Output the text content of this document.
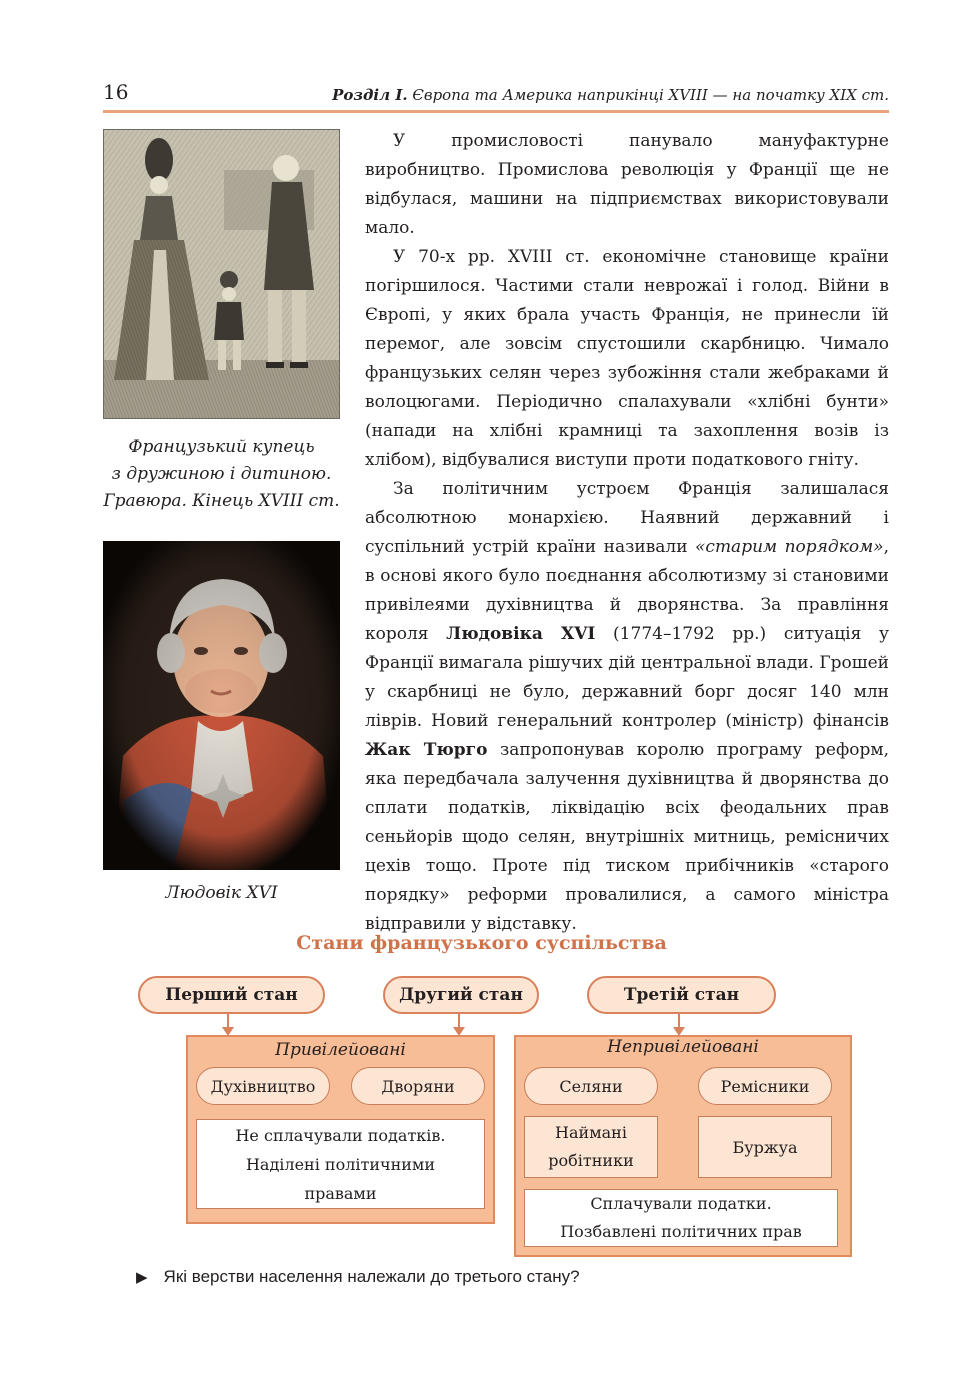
16	Розділ I. Європа та Америка наприкінці XVIII — на початку XIX ст.
Французький купець
з дружиною і дитиною.
Гравюра. Кінець XVIII ст.
Людовік XVI

У промисловості панувало мануфактурне виробництво. Промислова революція у Франції ще не відбулася, машини на підприємствах використовували мало.

У 70-х рр. XVIII ст. економічне становище країни погіршилося. Частими стали неврожаї і голод. Війни в Європі, у яких брала участь Франція, не принесли їй перемог, але зовсім спустошили скарбницю. Чимало французьких селян через зубожіння стали жебраками й волоцюгами. Періодично спалахували «хлібні бунти» (напади на хлібні крамниці та захоплення возів із хлібом), відбувалися виступи проти податкового гніту.

За політичним устроєм Франція залишалася абсолютною монархією. Наявний державний і суспільний устрій країни називали «старим порядком», в основі якого було поєднання абсолютизму зі становими привілеями духівництва й дворянства. За правління короля Людовіка XVI (1774–1792 рр.) ситуація у Франції вимагала рішучих дій центральної влади. Грошей у скарбниці не було, державний борг досяг 140 млн ліврів. Новий генеральний контролер (міністр) фінансів Жак Тюрго запропонував королю програму реформ, яка передбачала залучення духівництва й дворянства до сплати податків, ліквідацію всіх феодальних прав сеньйорів щодо селян, внутрішніх митниць, ремісничих цехів тощо. Проте під тиском прибічників «старого порядку» реформи провалилися, а самого міністра відправили у відставку.

Стани французького суспільства
Перший стан	Другий стан	Третій стан
Привілейовані	Непривілейовані
Духівництво	Дворяни	Селяни	Ремісники
Не сплачували податків.
Наділені політичними
правами
Наймані
робітники
Буржуа
Сплачували податки.
Позбавлені політичних прав
▶ Які верстви населення належали до третього стану?
